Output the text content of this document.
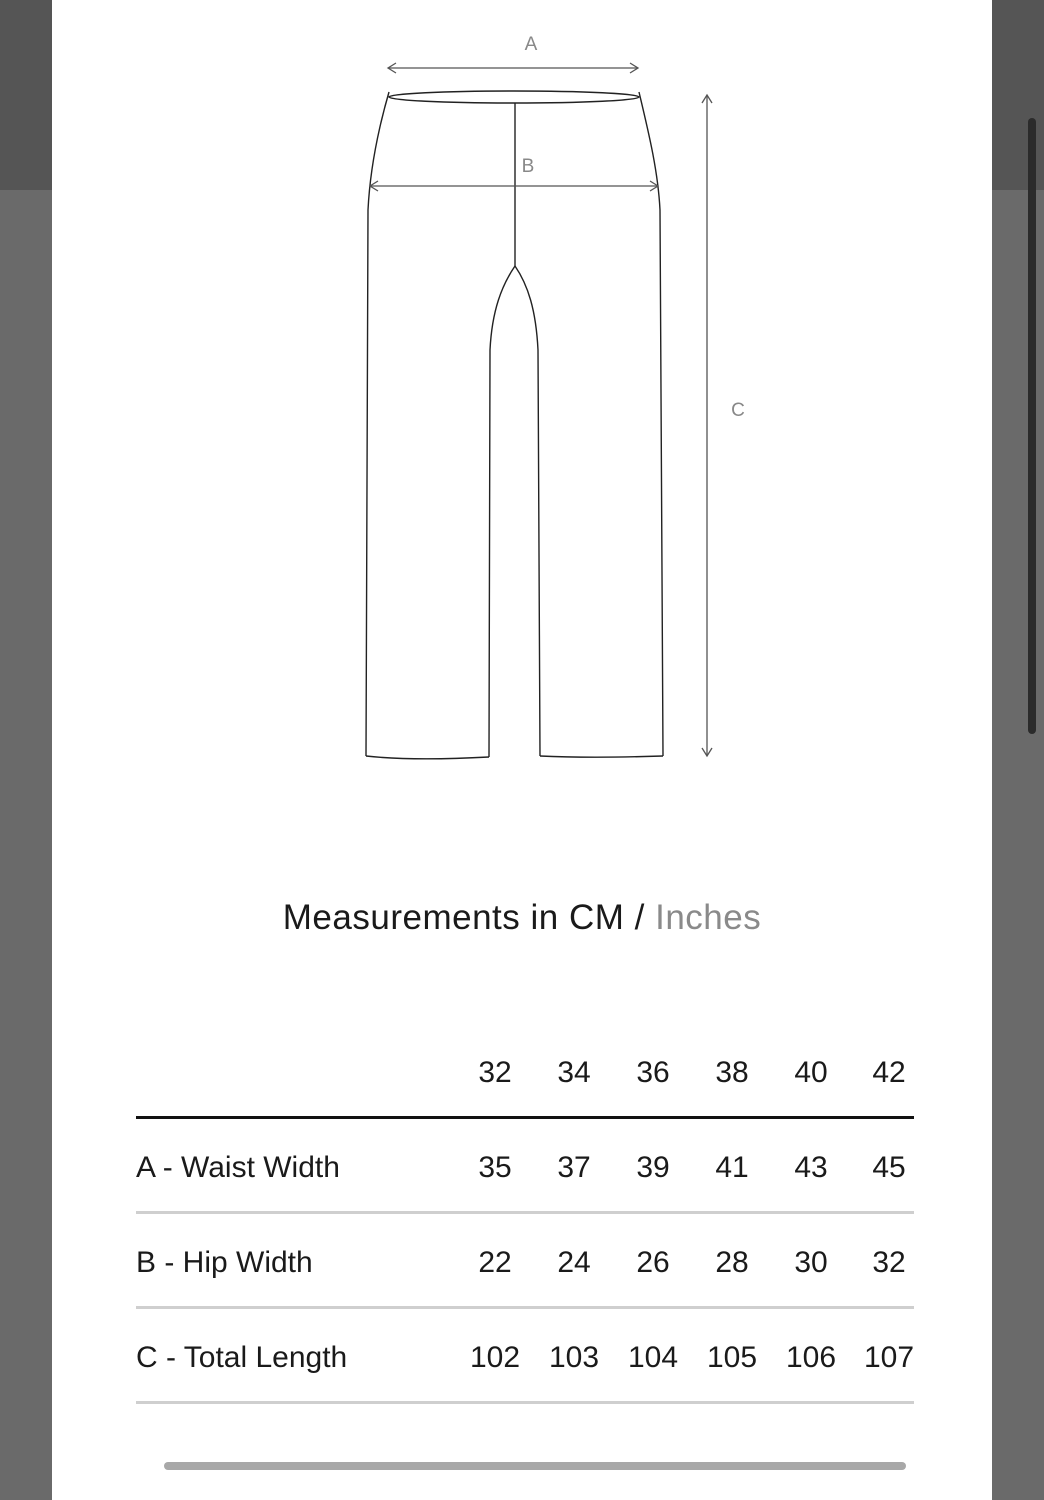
A
B
C
Measurements in CM / Inches
32	34	36	38	40	42
A - Waist Width	35	37	39	41	43	45
B - Hip Width	22	24	26	28	30	32
C - Total Length	102 103 104 105 106 107
